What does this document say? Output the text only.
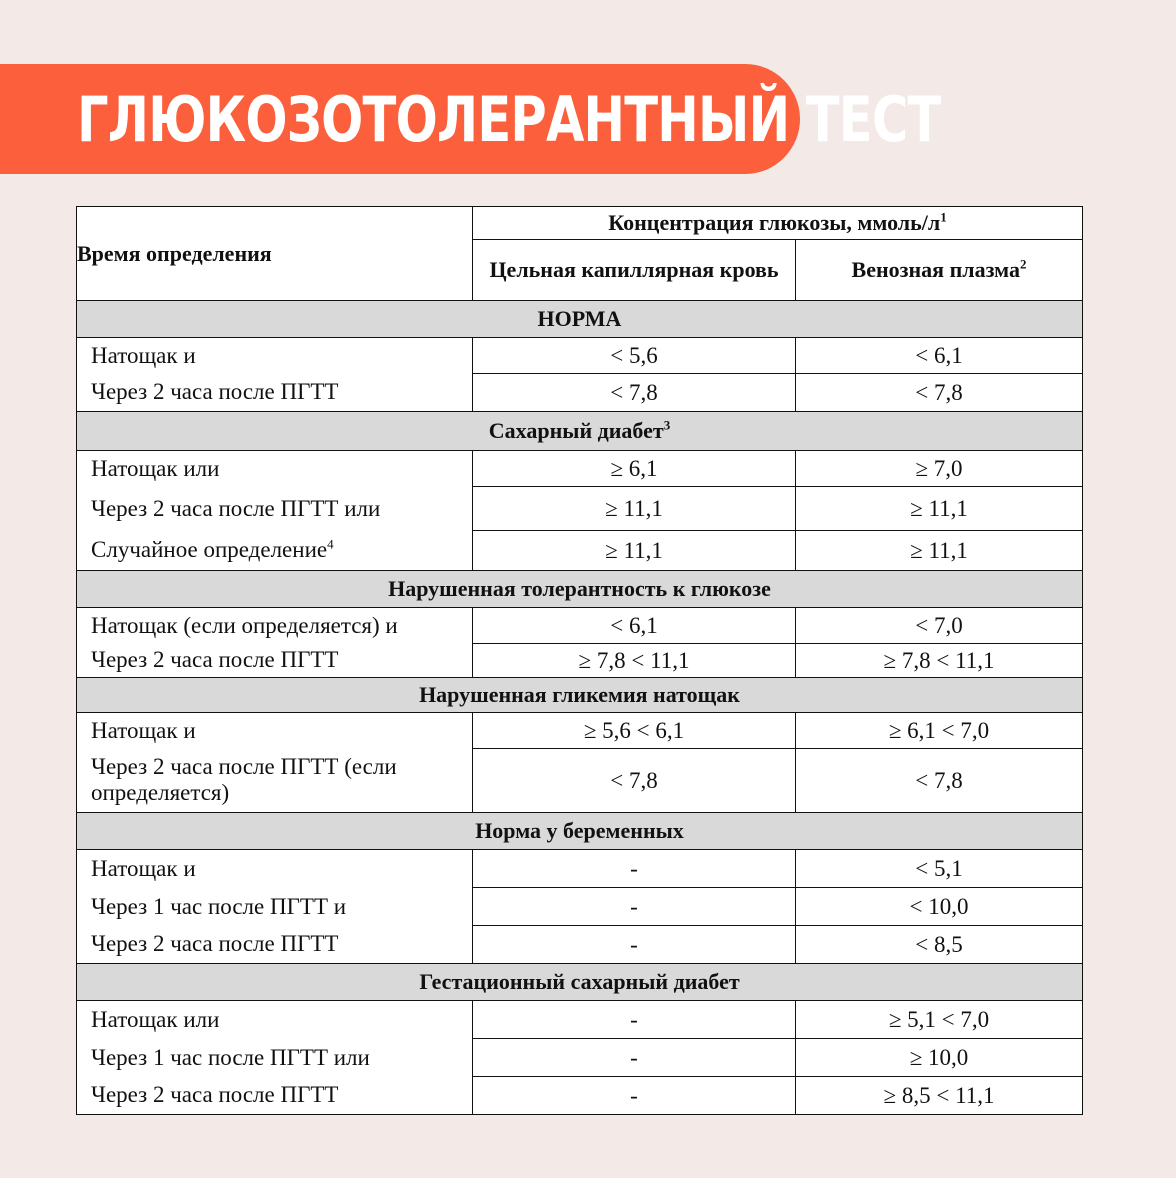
ГЛЮКОЗОТОЛЕРАНТНЫЙ ТЕСТ
Время определения	Концентрация глюкозы, ммоль/$л^1$
	Цельная капиллярная кровь	Венозная плазма$^2$
НОРМА		
Натощак и	< 5,6	< 6,1
Через 2 часа после ПГТТ	< 7,8	< 7,8
Сахарный диабет$^3$
Натощак или	≥ 6,1	≥ 7,0
Через 2 часа после ПГТТ или	≥ 11,1	≥ 11,1
Случайное определение$^4$	≥ 11,1	≥ 11,1
Нарушенная толерантность к глюкозе		
Натощак (если определяется) и	< 6,1	< 7,0
Через 2 часа после ПГТТ	≥ 7,8 < 11,1	≥ 7,8 < 11,1
Нарушенная гликемия натощак		
Натощак и	≥ 5,6 < 6,1	≥ 6,1 < 7,0
Через 2 часа после ПГТТ (если определяется)	< 7,8	< 7,8
Норма у беременных		
Натощак и	-	< 5,1
Через 1 час после ПГТТ и	-	< 10,0
Через 2 часа после ПГТТ	-	< 8,5
Гестационный сахарный диабет		
Натощак или	-	≥ 5,1 < 7,0
Через 1 час после ПГТТ или	-	≥ 10,0
Через 2 часа после ПГТТ	-	≥ 8,5 < 11,1
